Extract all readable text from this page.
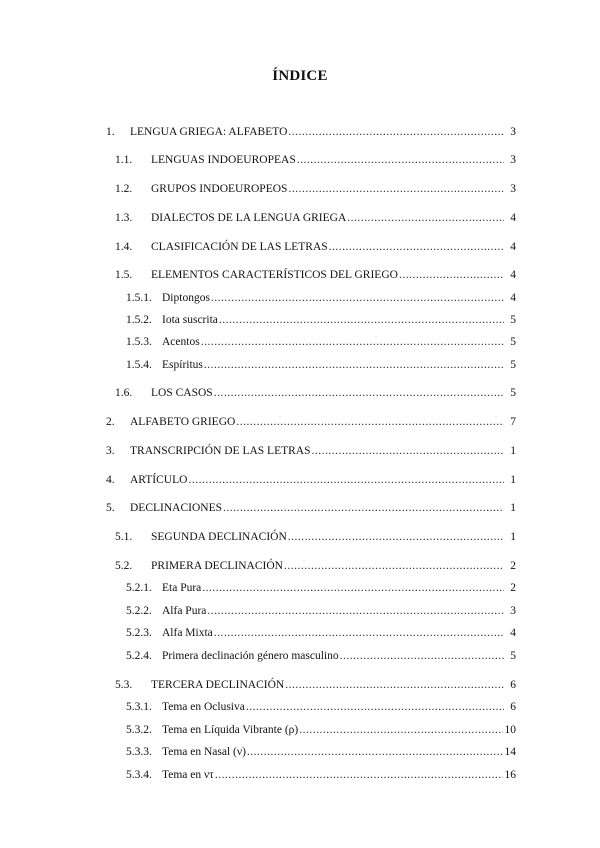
ÍNDICE
1.	LENGUA GRIEGA: ALFABETO .....	3
1.1.	LENGUAS INDOEUROPEAS .....	3
1.2.	GRUPOS INDOEUROPEOS .....	3
1.3.	DIALECTOS DE LA LENGUA GRIEGA .....	4
1.4.	CLASIFICACIÓN DE LAS LETRAS .....	4
1.5.	ELEMENTOS CARACTERÍSTICOS DEL GRIEGO .....	4
1.5.1. Diptongos .....	4
1.5.2. Iota suscrita .....	5
1.5.3. Acentos .....	5
1.5.4. Espíritus .....	5
1.6.	LOS CASOS .....	5
2.	ALFABETO GRIEGO .....	7
3.	TRANSCRIPCIÓN DE LAS LETRAS .....	1
4.	ARTÍCULO .....	1
5.	DECLINACIONES .....	1
5.1.	SEGUNDA DECLINACIÓN .....	1
5.2.	PRIMERA DECLINACIÓN .....	2
5.2.1. Eta Pura .....	2
5.2.2. Alfa Pura .....	3
5.2.3. Alfa Mixta .....	4
5.2.4. Primera declinación género masculino .....	5
5.3.	TERCERA DECLINACIÓN .....	6
5.3.1. Tema en Oclusiva .....	6
5.3.2. Tema en Líquida Vibrante (ρ) .....	10
5.3.3. Tema en Nasal (ν) .....	14
5.3.4. Tema en ντ .....	16
